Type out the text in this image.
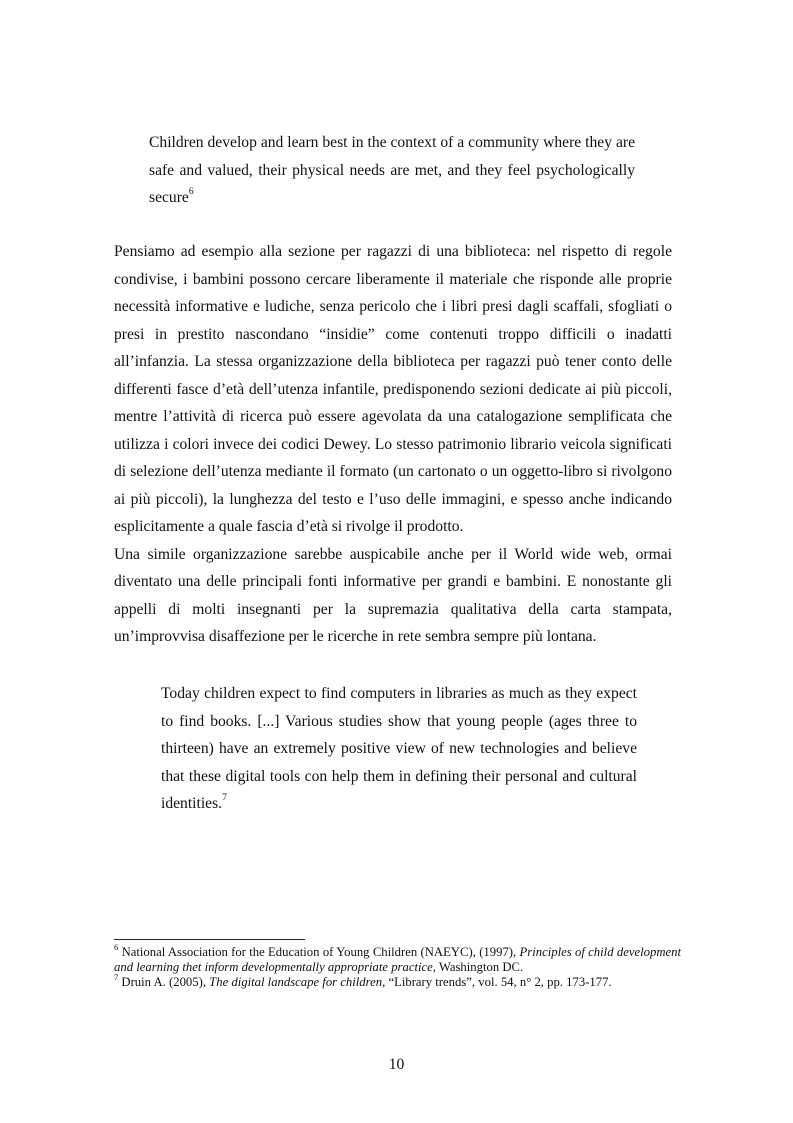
Children develop and learn best in the context of a community where they are safe and valued, their physical needs are met, and they feel psychologically secure$^6$

Pensiamo ad esempio alla sezione per ragazzi di una biblioteca: nel rispetto di regole condivise, i bambini possono cercare liberamente il materiale che risponde alle proprie necessità informative e ludiche, senza pericolo che i libri presi dagli scaffali, sfogliati o presi in prestito nascondano “insidie” come contenuti troppo difficili o inadatti all’infanzia. La stessa organizzazione della biblioteca per ragazzi può tener conto delle differenti fasce d’età dell’utenza infantile, predisponendo sezioni dedicate ai più piccoli, mentre l’attività di ricerca può essere agevolata da una catalogazione semplificata che utilizza i colori invece dei codici Dewey. Lo stesso patrimonio librario veicola significati di selezione dell’utenza mediante il formato (un cartonato o un oggetto-libro si rivolgono ai più piccoli), la lunghezza del testo e l’uso delle immagini, e spesso anche indicando esplicitamente a quale fascia d’età si rivolge il prodotto.

Una simile organizzazione sarebbe auspicabile anche per il World wide web, ormai diventato una delle principali fonti informative per grandi e bambini. E nonostante gli appelli di molti insegnanti per la supremazia qualitativa della carta stampata, un’improvvisa disaffezione per le ricerche in rete sembra sempre più lontana.

Today children expect to find computers in libraries as much as they expect to find books. [...] Various studies show that young people (ages three to thirteen) have an extremely positive view of new technologies and believe that these digital tools con help them in defining their personal and cultural identities.$^7$

$^6$ National Association for the Education of Young Children (NAEYC), (1997), Principles of child development and learning thet inform developmentally appropriate practice, Washington DC.

$^7$ Druin A. (2005), The digital landscape for children, “Library trends”, vol. 54, n° 2, pp. 173-177.

10
